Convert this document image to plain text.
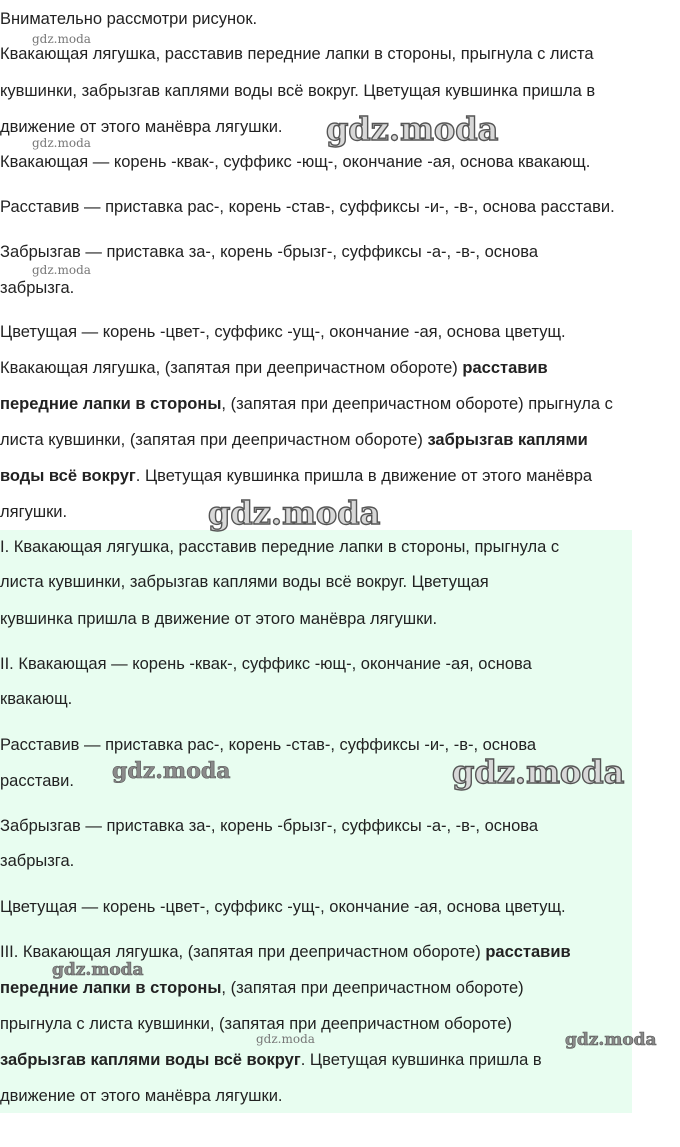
Внимательно рассмотри рисунок.
Квакающая лягушка, расставив передние лапки в стороны, прыгнула с листа
кувшинки, забрызгав каплями воды всё вокруг. Цветущая кувшинка пришла в
движение от этого манёвра лягушки.
Квакающая — корень -квак-, суффикс -ющ-, окончание -ая, основа квакающ.
Расставив — приставка рас-, корень -став-, суффиксы -и-, -в-, основа расстави.
Забрызгав — приставка за-, корень -брызг-, суффиксы -а-, -в-, основа
забрызга.
Цветущая — корень -цвет-, суффикс -ущ-, окончание -ая, основа цветущ.
Квакающая лягушка, (запятая при деепричастном обороте) расставив
передние лапки в стороны, (запятая при деепричастном обороте) прыгнула с
листа кувшинки, (запятая при деепричастном обороте) забрызгав каплями
воды всё вокруг. Цветущая кувшинка пришла в движение от этого манёвра
лягушки.
I. Квакающая лягушка, расставив передние лапки в стороны, прыгнула с
листа кувшинки, забрызгав каплями воды всё вокруг. Цветущая
кувшинка пришла в движение от этого манёвра лягушки.
II. Квакающая — корень -квак-, суффикс -ющ-, окончание -ая, основа
квакающ.
Расставив — приставка рас-, корень -став-, суффиксы -и-, -в-, основа
расстави.
Забрызгав — приставка за-, корень -брызг-, суффиксы -а-, -в-, основа
забрызга.
Цветущая — корень -цвет-, суффикс -ущ-, окончание -ая, основа цветущ.
III. Квакающая лягушка, (запятая при деепричастном обороте) расставив
передние лапки в стороны, (запятая при деепричастном обороте)
прыгнула с листа кувшинки, (запятая при деепричастном обороте)
забрызгав каплями воды всё вокруг. Цветущая кувшинка пришла в
движение от этого манёвра лягушки.
gdz.moda
gdz.moda
gdz.moda
gdz.moda
gdz.moda
gdz.moda	gdz.moda
gdz.moda
gdz.moda
gdz.moda
